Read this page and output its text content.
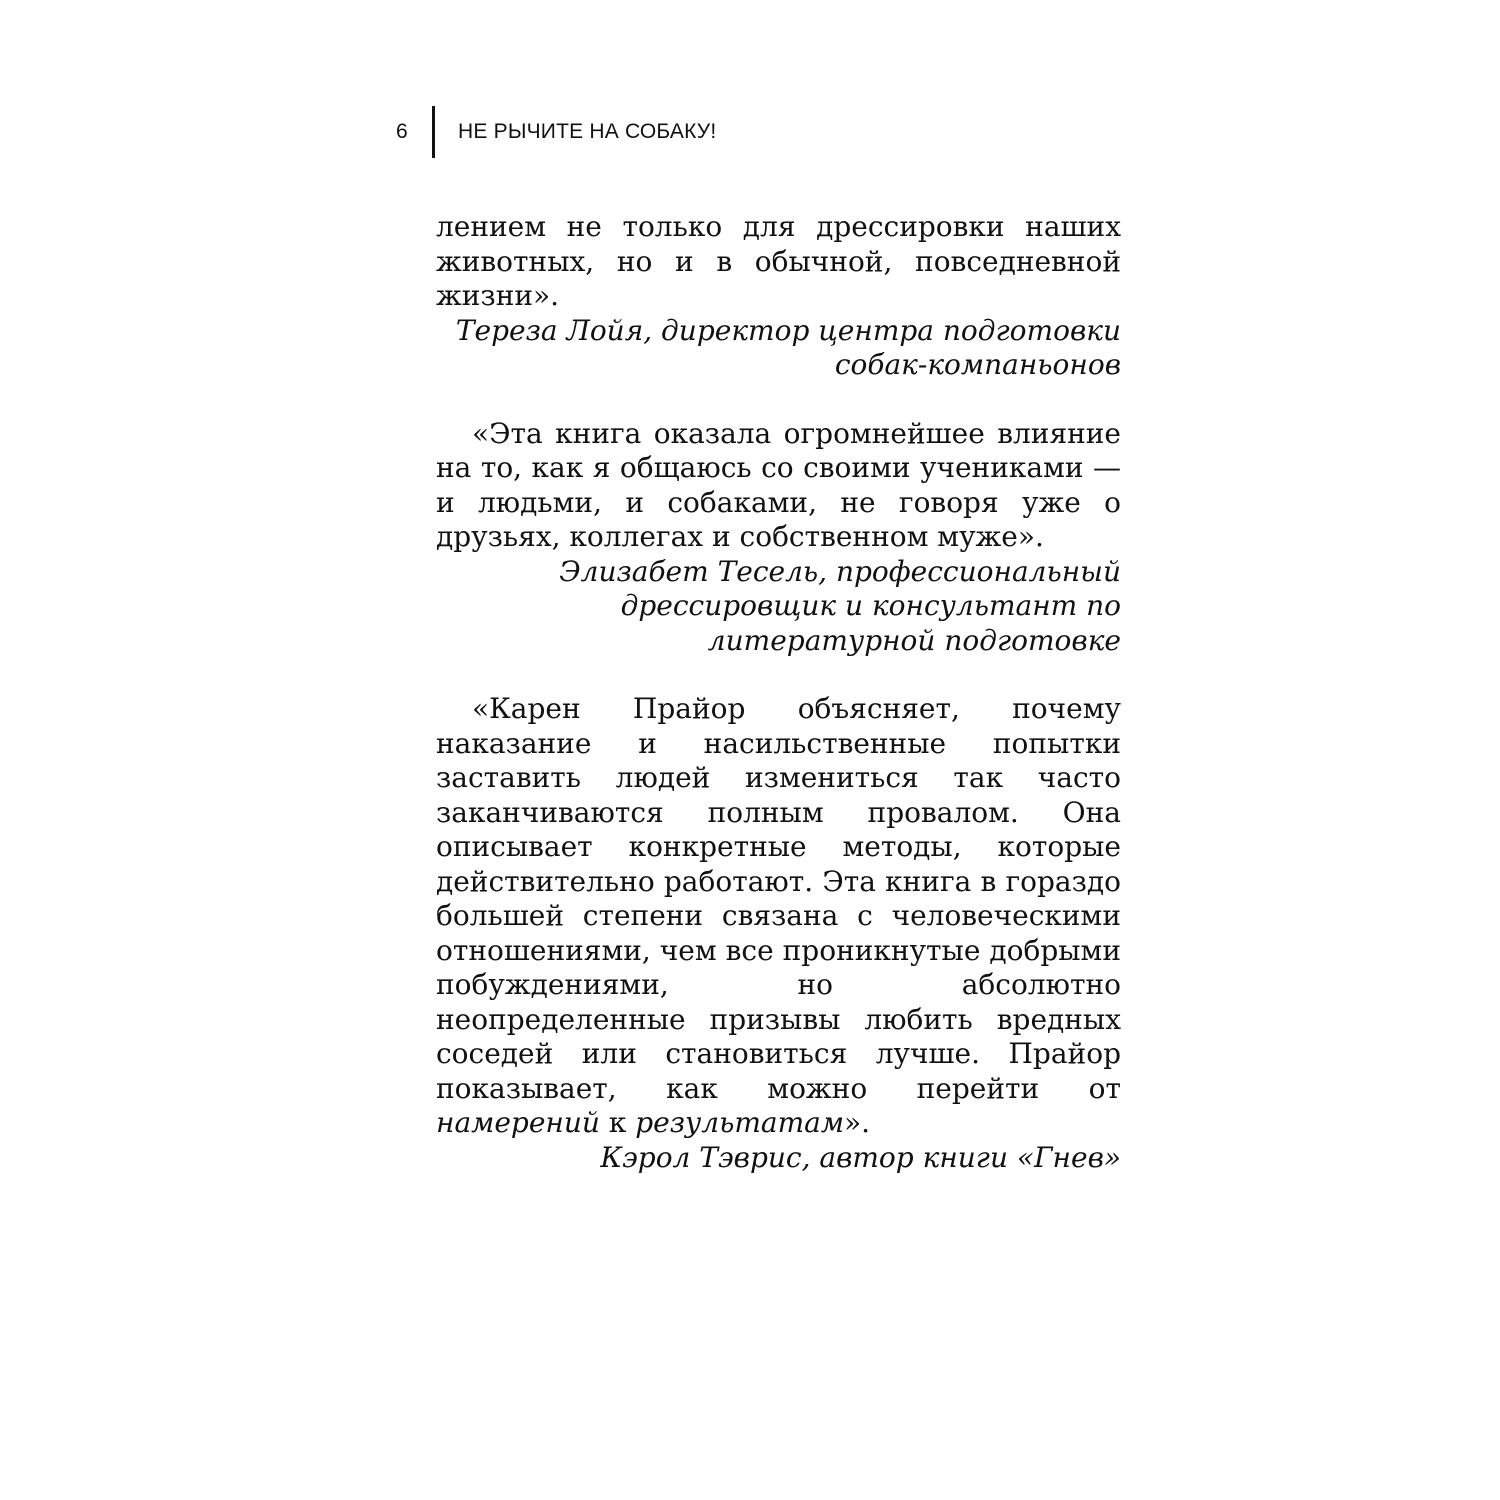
6 НЕ РЫЧИТЕ НА СОБАКУ!

лением не только для дрессировки наших животных, но и в обычной, повседневной жизни».

Тереза Лойя, директор центра подготовки собак-компаньонов

«Эта книга оказала огромнейшее влияние на то, как я общаюсь со своими учениками — и людьми, и собаками, не говоря уже о друзьях, коллегах и собственном муже».

Элизабет Тесель, профессиональный дрессировщик и консультант по литературной подготовке

«Карен Прайор объясняет, почему наказание и насильственные попытки заставить людей измениться так часто заканчиваются полным провалом. Она описывает конкретные методы, которые действительно работают. Эта книга в гораздо большей степени связана с человеческими отношениями, чем все проникнутые добрыми побуждениями, но абсолютно неопределенные призывы любить вредных соседей или становиться лучше. Прайор показывает, как можно перейти от намерений к результатам».

Кэрол Тэврис, автор книги «Гнев»
